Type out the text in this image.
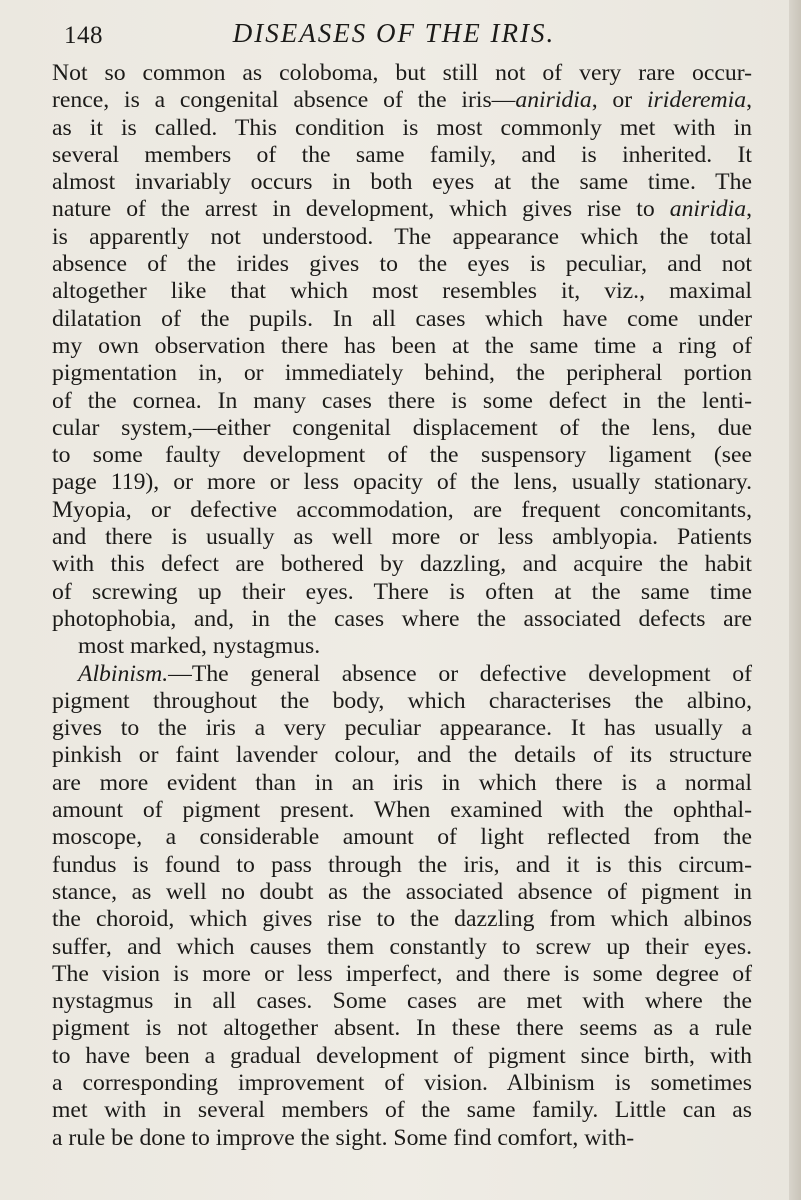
148	DISEASES OF THE IRIS.

Not so common as coloboma, but still not of very rare occur-
rence, is a congenital absence of the iris—aniridia, or irideremia,
as it is called. This condition is most commonly met with in
several members of the same family, and is inherited. It
almost invariably occurs in both eyes at the same time. The
nature of the arrest in development, which gives rise to aniridia,
is apparently not understood. The appearance which the total
absence of the irides gives to the eyes is peculiar, and not
altogether like that which most resembles it, viz., maximal
dilatation of the pupils. In all cases which have come under
my own observation there has been at the same time a ring of
pigmentation in, or immediately behind, the peripheral portion
of the cornea. In many cases there is some defect in the lenti-
cular system,—either congenital displacement of the lens, due
to some faulty development of the suspensory ligament (see
page 119), or more or less opacity of the lens, usually stationary.
Myopia, or defective accommodation, are frequent concomitants,
and there is usually as well more or less amblyopia. Patients
with this defect are bothered by dazzling, and acquire the habit
of screwing up their eyes. There is often at the same time
photophobia, and, in the cases where the associated defects are
most marked, nystagmus.

Albinism.—The general absence or defective development of
pigment throughout the body, which characterises the albino,
gives to the iris a very peculiar appearance. It has usually a
pinkish or faint lavender colour, and the details of its structure
are more evident than in an iris in which there is a normal
amount of pigment present. When examined with the ophthal-
moscope, a considerable amount of light reflected from the
fundus is found to pass through the iris, and it is this circum-
stance, as well no doubt as the associated absence of pigment in
the choroid, which gives rise to the dazzling from which albinos
suffer, and which causes them constantly to screw up their eyes.
The vision is more or less imperfect, and there is some degree of
nystagmus in all cases. Some cases are met with where the
pigment is not altogether absent. In these there seems as a rule
to have been a gradual development of pigment since birth, with
a corresponding improvement of vision. Albinism is sometimes
met with in several members of the same family. Little can as
a rule be done to improve the sight. Some find comfort, with-
